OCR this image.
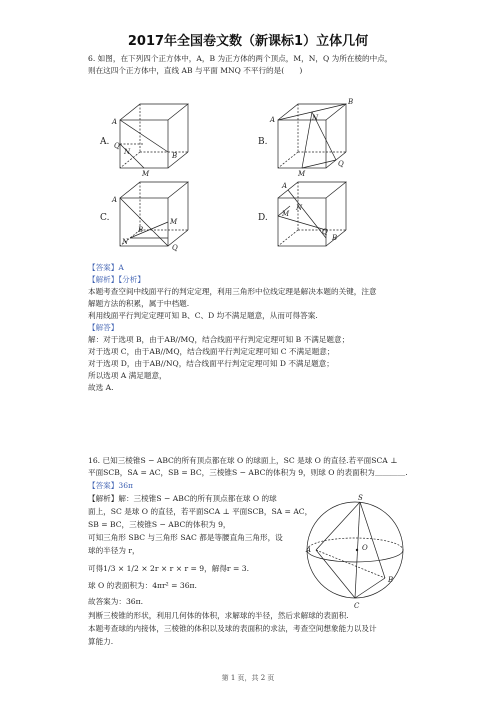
2017年全国卷文数（新课标1）立体几何
6. 如图，在下列四个正方体中，A，B 为正方体的两个顶点，M，N，Q 为所在棱的中点，
则在这四个正方体中，直线 AB 与平面 MNQ 不平行的是(　　)
A.	B.
C.	D.
A
Q
N	B
M
A
B
N
Q
M
A
M
B
N
Q
A
M
N
Q
B
【答案】A
【解析】【分析】
本题考查空间中线面平行的判定定理，利用三角形中位线定理是解决本题的关键，注意
解题方法的积累，属于中档题.
利用线面平行判定定理可知 B、C、D 均不满足题意，从而可得答案.
【解答】
解：对于选项 B，由于AB//MQ，结合线面平行判定定理可知 B 不满足题意；
对于选项 C，由于AB//MQ，结合线面平行判定定理可知 C 不满足题意；
对于选项 D，由于AB//NQ，结合线面平行判定定理可知 D 不满足题意；
所以选项 A 满足题意，
故选 A.
16. 已知三棱锥S − ABC的所有顶点都在球 O 的球面上，SC 是球 O 的直径.若平面SCA ⊥
平面SCB，SA = AC，SB = BC，三棱锥S − ABC的体积为 9，则球 O 的表面积为＿＿＿＿.
【答案】36π
【解析】解：三棱锥S − ABC的所有顶点都在球 O 的球
面上，SC 是球 O 的直径，若平面SCA ⊥ 平面SCB，SA = AC，
SB = BC，三棱锥S − ABC的体积为 9，
可知三角形 SBC 与三角形 SAC 都是等腰直角三角形，设
球的半径为 r，
可得1/3 × 1/2 × 2r × r × r = 9，解得r = 3.
球 O 的表面积为：4πr² = 36π.
故答案为：36π.
判断三棱锥的形状，利用几何体的体积，求解球的半径，然后求解球的表面积.
本题考查球的内接体，三棱锥的体积以及球的表面积的求法，考查空间想象能力以及计
算能力.
S
A	O
B
C
第 1 页，共 2 页
